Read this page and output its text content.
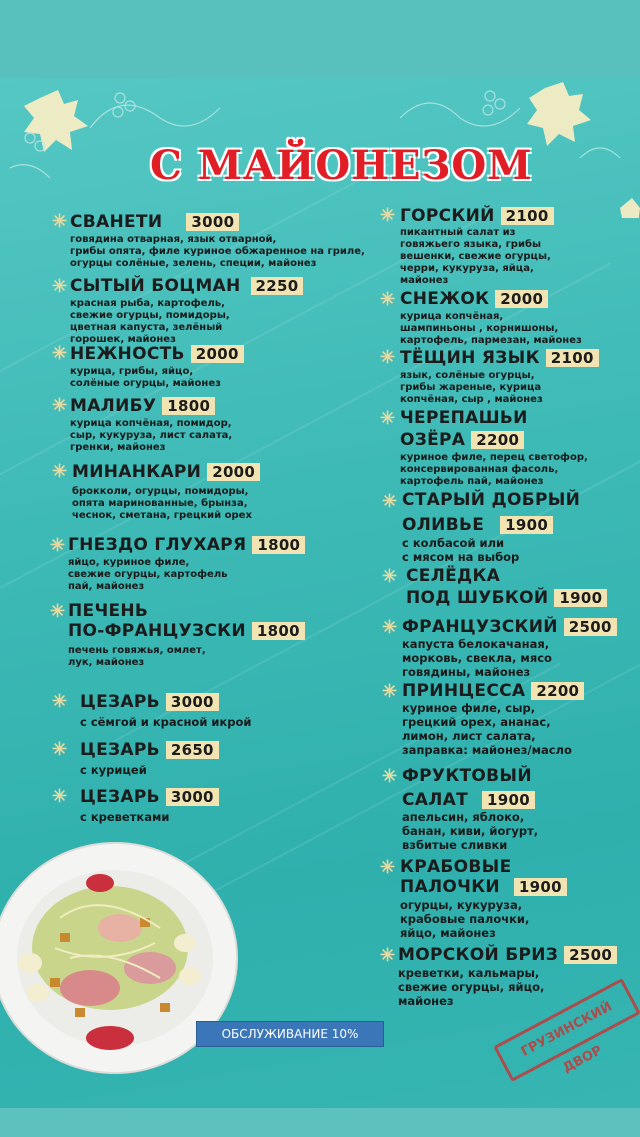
С МАЙОНЕЗОМ
✳ СВАНЕТИ 3000
говядина отварная, язык отварной,
грибы опята, филе куриное обжаренное на гриле,
огурцы солёные, зелень, специи, майонез
✳ СЫТЫЙ БОЦМАН 2250
красная рыба, картофель,
свежие огурцы, помидоры,
цветная капуста, зелёный
горошек, майонез
✳ НЕЖНОСТЬ 2000
курица, грибы, яйцо,
солёные огурцы, майонез
✳ МАЛИБУ 1800
курица копчёная, помидор,
сыр, кукуруза, лист салата,
гренки, майонез
✳ МИНАНКАРИ 2000
брокколи, огурцы, помидоры,
опята маринованные, брынза,
чеснок, сметана, грецкий орех
✳ ГНЕЗДО ГЛУХАРЯ 1800
яйцо, куриное филе,
свежие огурцы, картофель
пай, майонез
✳ ПЕЧЕНЬ
ПО-ФРАНЦУЗСКИ 1800
печень говяжья, омлет,
лук, майонез
✳ ЦЕЗАРЬ 3000
с сёмгой и красной икрой
✳ ЦЕЗАРЬ 2650
с курицей
✳ ЦЕЗАРЬ 3000
с креветками
✳ ГОРСКИЙ 2100
пикантный салат из
говяжьего языка, грибы
вешенки, свежие огурцы,
черри, кукуруза, яйца,
майонез
✳ СНЕЖОК 2000
курица копчёная,
шампиньоны , корнишоны,
картофель, пармезан, майонез
✳ ТЁЩИН ЯЗЫК 2100
язык, солёные огурцы,
грибы жареные, курица
копчёная, сыр , майонез
✳ ЧЕРЕПАШЬИ
ОЗЁРА 2200
куриное филе, перец светофор,
консервированная фасоль,
картофель пай, майонез
✳ СТАРЫЙ ДОБРЫЙ
ОЛИВЬЕ 1900
с колбасой или
с мясом на выбор
✳ СЕЛЁДКА
ПОД ШУБКОЙ 1900
✳ ФРАНЦУЗСКИЙ 2500
капуста белокачаная,
морковь, свекла, мясо
говядины, майонез
✳ ПРИНЦЕССА 2200
куриное филе, сыр,
грецкий орех, ананас,
лимон, лист салата,
заправка: майонез/масло
✳ ФРУКТОВЫЙ
САЛАТ 1900
апельсин, яблоко,
банан, киви, йогурт,
взбитые сливки
✳ КРАБОВЫЕ
ПАЛОЧКИ 1900
огурцы, кукуруза,
крабовые палочки,
яйцо, майонез
✳ МОРСКОЙ БРИЗ 2500
креветки, кальмары,
свежие огурцы, яйцо,
майонез
ОБСЛУЖИВАНИЕ 10%	ГРУЗИНСКИЙ ДВОР
